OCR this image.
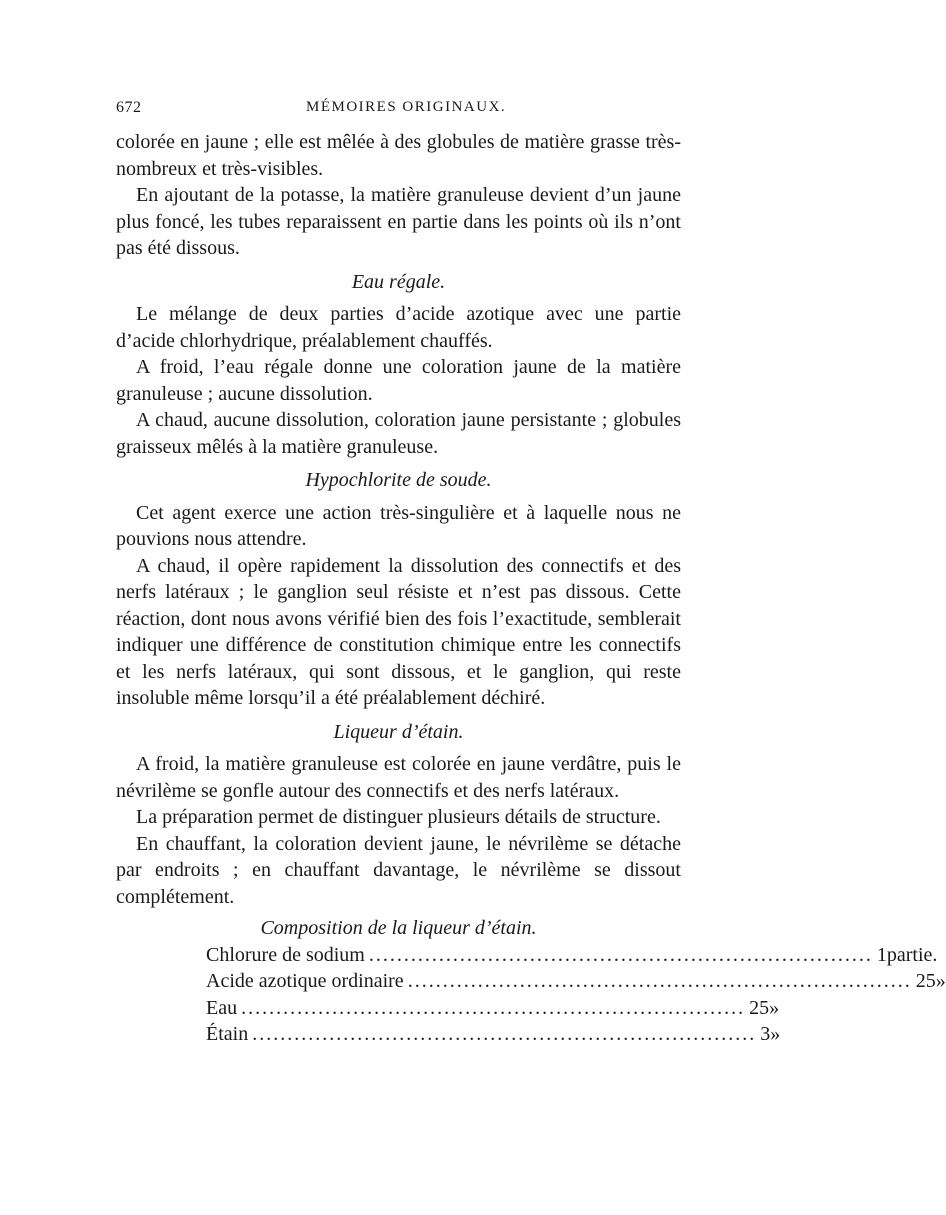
672	MÉMOIRES ORIGINAUX.

colorée en jaune ; elle est mêlée à des globules de matière grasse très-nombreux et très-visibles.

En ajoutant de la potasse, la matière granuleuse devient d’un jaune plus foncé, les tubes reparaissent en partie dans les points où ils n’ont pas été dissous.

Eau régale.

Le mélange de deux parties d’acide azotique avec une partie d’acide chlorhydrique, préalablement chauffés.

A froid, l’eau régale donne une coloration jaune de la matière granuleuse ; aucune dissolution.

A chaud, aucune dissolution, coloration jaune persistante ; globules graisseux mêlés à la matière granuleuse.

Hypochlorite de soude.

Cet agent exerce une action très-singulière et à laquelle nous ne pouvions nous attendre.

A chaud, il opère rapidement la dissolution des connectifs et des nerfs latéraux ; le ganglion seul résiste et n’est pas dissous. Cette réaction, dont nous avons vérifié bien des fois l’exactitude, semblerait indiquer une différence de constitution chimique entre les connectifs et les nerfs latéraux, qui sont dissous, et le ganglion, qui reste insoluble même lorsqu’il a été préalablement déchiré.

Liqueur d’étain.

A froid, la matière granuleuse est colorée en jaune verdâtre, puis le névrilème se gonfle autour des connectifs et des nerfs latéraux.

La préparation permet de distinguer plusieurs détails de structure.

En chauffant, la coloration devient jaune, le névrilème se détache par endroits ; en chauffant davantage, le névrilème se dissout complétement.

Composition de la liqueur d’étain.
Chlorure de sodium ........................................................................ 1 partie.
Acide azotique ordinaire ........................................................................ 25 »
Eau ........................................................................ 25 »
Étain ........................................................................ 3 »
